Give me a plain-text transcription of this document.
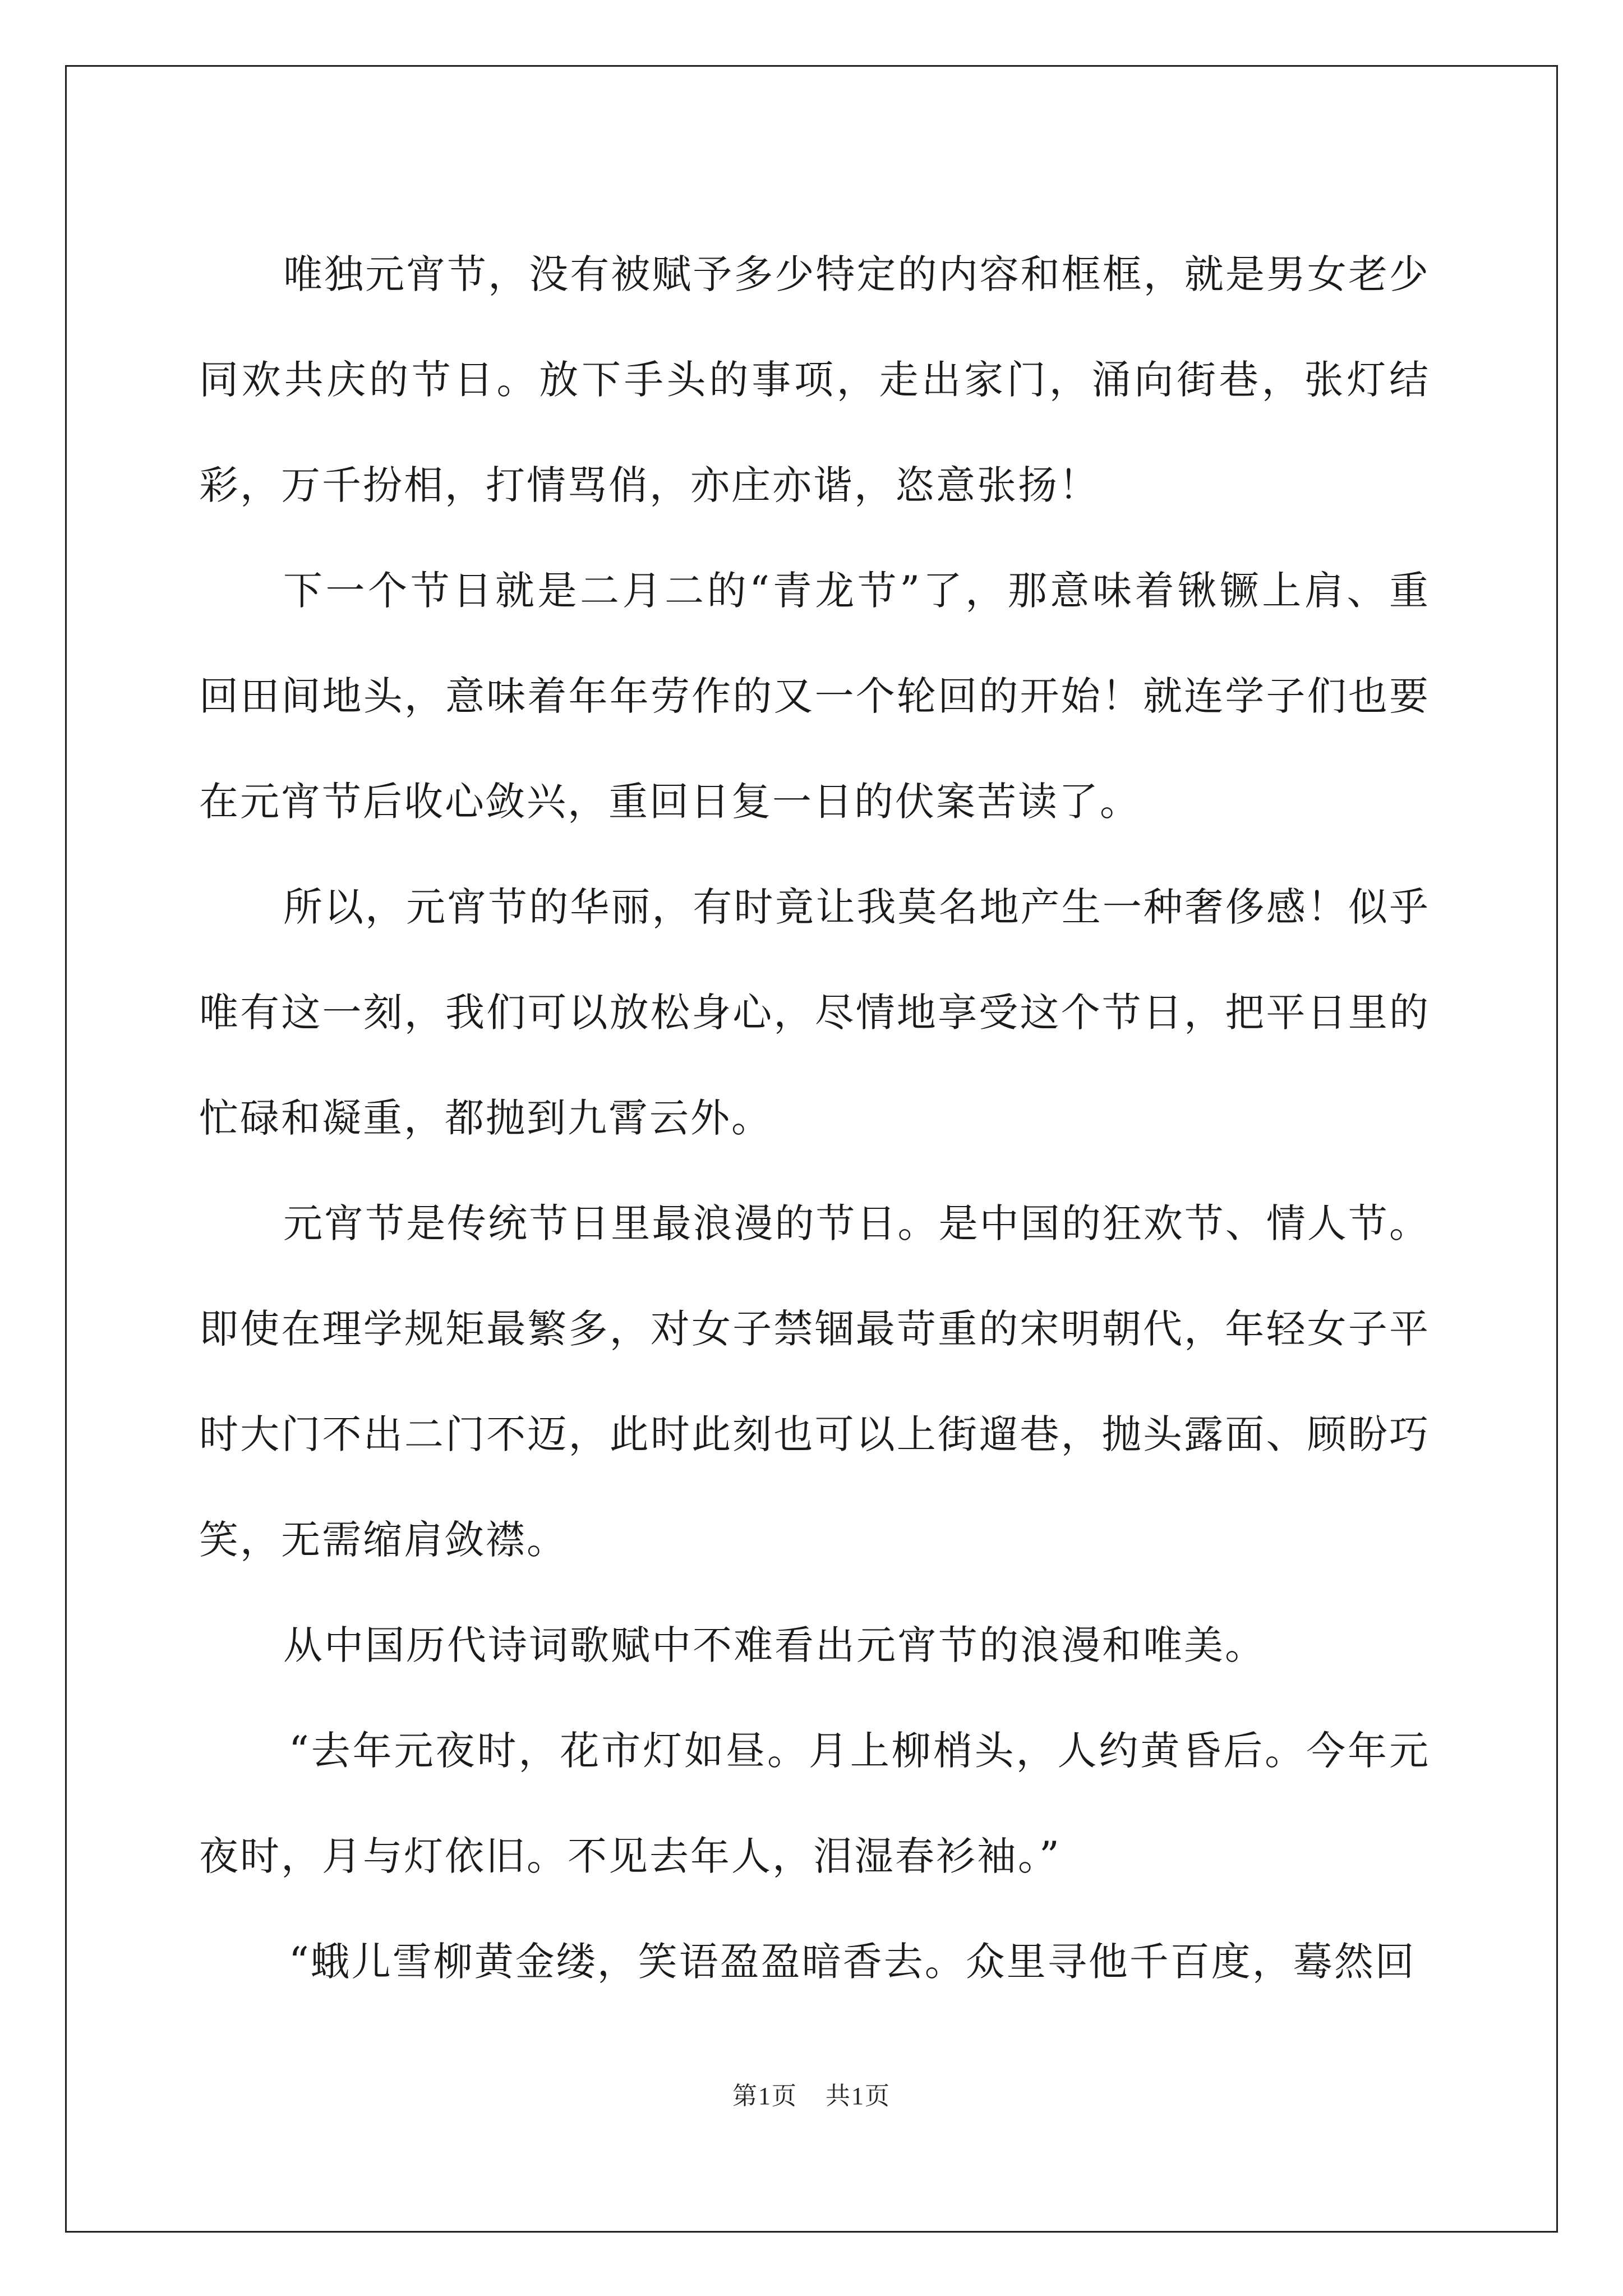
唯独元宵节，没有被赋予多少特定的内容和框框，就是男女老少同欢共庆的节日。放下手头的事项，走出家门，涌向街巷，张灯结彩，万千扮相，打情骂俏，亦庄亦谐，恣意张扬！

下一个节日就是二月二的“青龙节”了，那意味着锹镢上肩、重回田间地头，意味着年年劳作的又一个轮回的开始！就连学子们也要在元宵节后收心敛兴，重回日复一日的伏案苦读了。

所以，元宵节的华丽，有时竟让我莫名地产生一种奢侈感！似乎唯有这一刻，我们可以放松身心，尽情地享受这个节日，把平日里的忙碌和凝重，都抛到九霄云外。

元宵节是传统节日里最浪漫的节日。是中国的狂欢节、情人节。即使在理学规矩最繁多，对女子禁锢最苛重的宋明朝代，年轻女子平时大门不出二门不迈，此时此刻也可以上街遛巷，抛头露面、顾盼巧笑，无需缩肩敛襟。

从中国历代诗词歌赋中不难看出元宵节的浪漫和唯美。

“去年元夜时，花市灯如昼。月上柳梢头，人约黄昏后。今年元夜时，月与灯依旧。不见去年人，泪湿春衫袖。”

“蛾儿雪柳黄金缕，笑语盈盈暗香去。众里寻他千百度，蓦然回

第1页 共1页
